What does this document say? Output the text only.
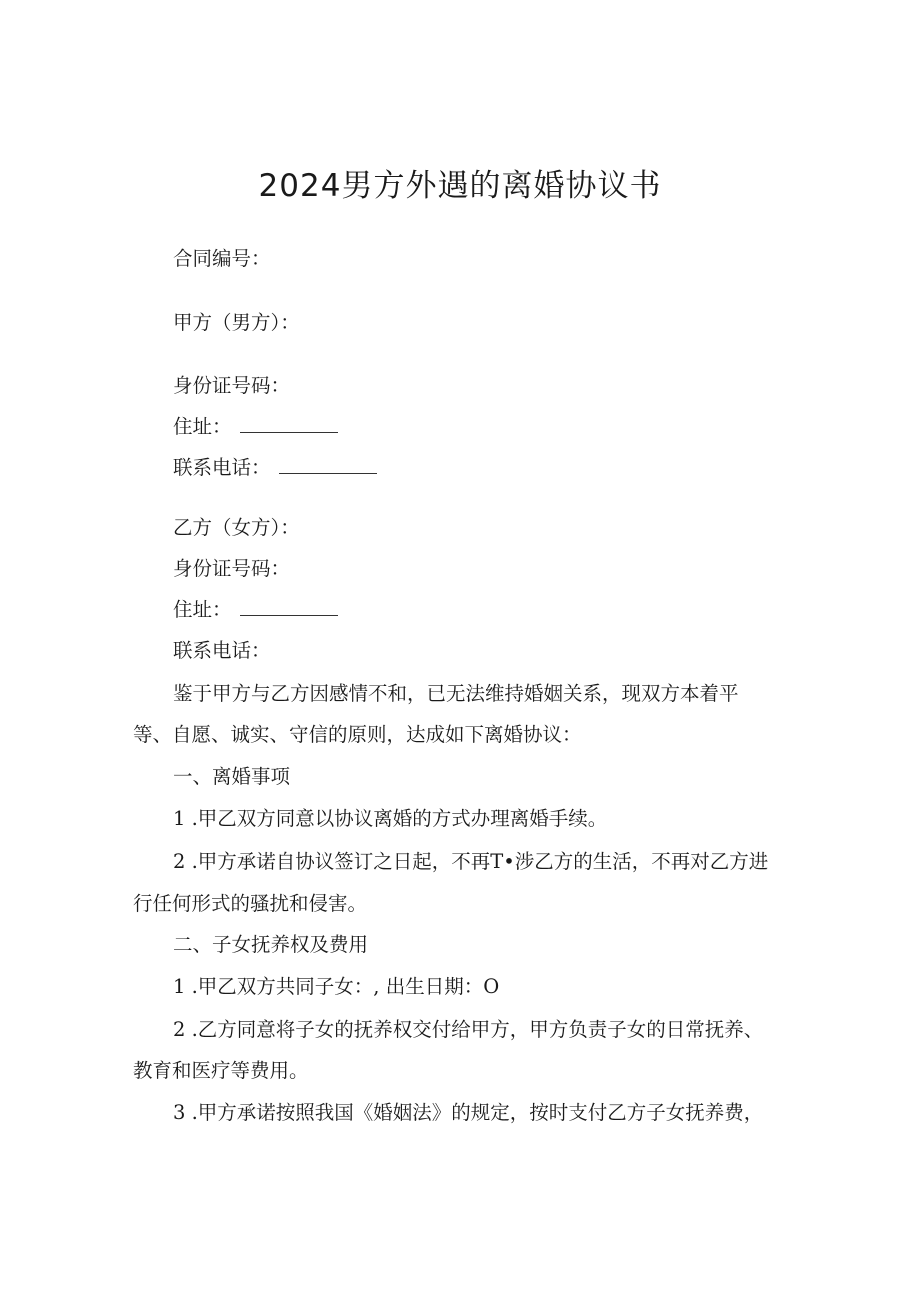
2024男方外遇的离婚协议书
合同编号：
甲方（男方）：
身份证号码：
住址：
联系电话：
乙方（女方）：
身份证号码：
住址：
联系电话：
鉴于甲方与乙方因感情不和，已无法维持婚姻关系，现双方本着平
等、自愿、诚实、守信的原则，达成如下离婚协议：
一、离婚事项
1 .甲乙双方同意以协议离婚的方式办理离婚手续。
2 .甲方承诺自协议签订之日起，不再T•涉乙方的生活，不再对乙方进
行任何形式的骚扰和侵害。
二、子女抚养权及费用
1 .甲乙双方共同子女：, 出生日期：O
2 .乙方同意将子女的抚养权交付给甲方，甲方负责子女的日常抚养、
教育和医疗等费用。
3 .甲方承诺按照我国《婚姻法》的规定，按时支付乙方子女抚养费，
